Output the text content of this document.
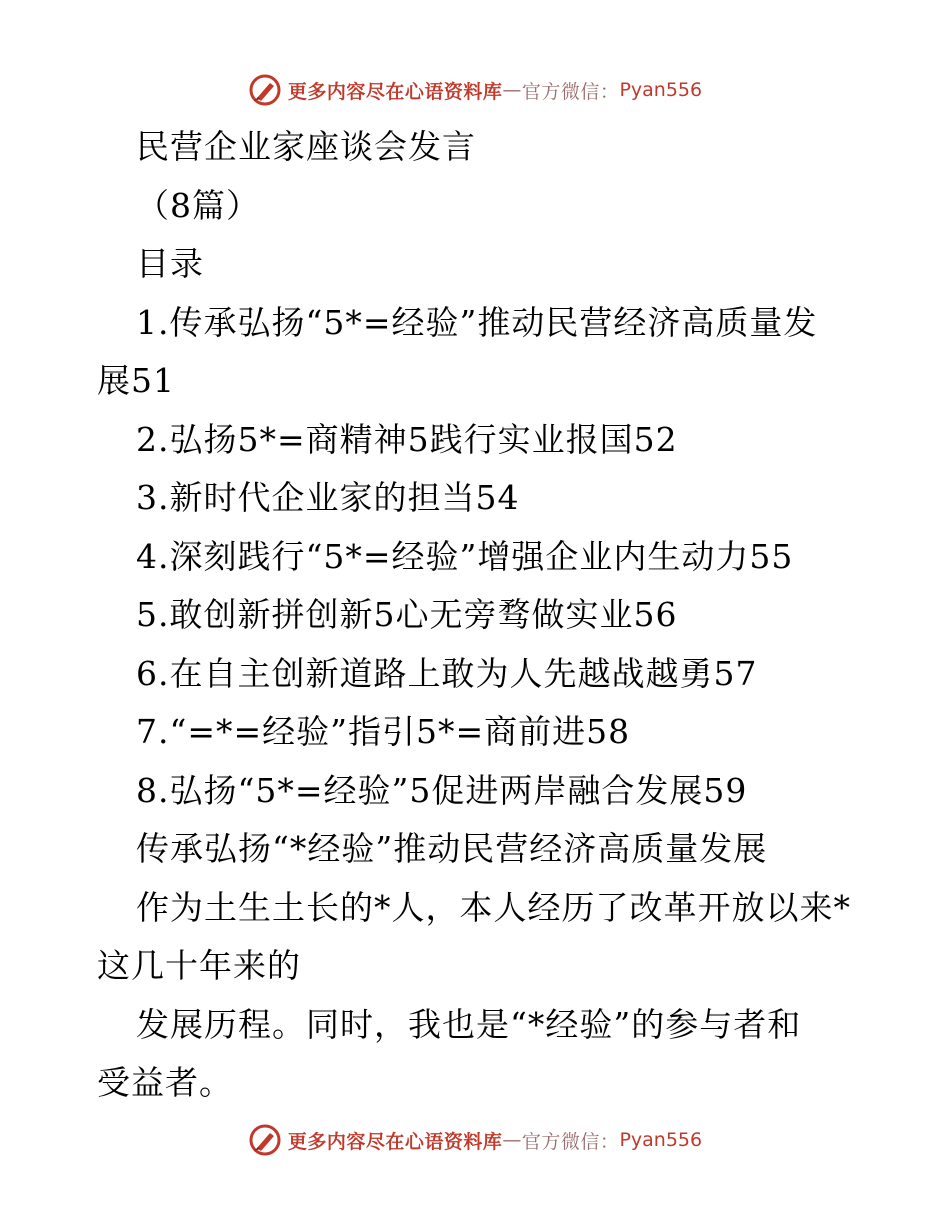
更多内容尽在心语资料库 — 官方微信： Pyan556
民营企业家座谈会发言
（8篇）
目录
1.传承弘扬“5*=经验”推动民营经济高质量发
展51
2.弘扬5*=商精神5践行实业报国52
3.新时代企业家的担当54
4.深刻践行“5*=经验”增强企业内生动力55
5.敢创新拼创新5心无旁骛做实业56
6.在自主创新道路上敢为人先越战越勇57
7.“=*=经验”指引5*=商前进58
8.弘扬“5*=经验”5促进两岸融合发展59
传承弘扬“*经验”推动民营经济高质量发展
作为土生土长的*人，本人经历了改革开放以来*
这几十年来的
发展历程。同时，我也是“*经验”的参与者和
受益者。
更多内容尽在心语资料库 — 官方微信： Pyan556
